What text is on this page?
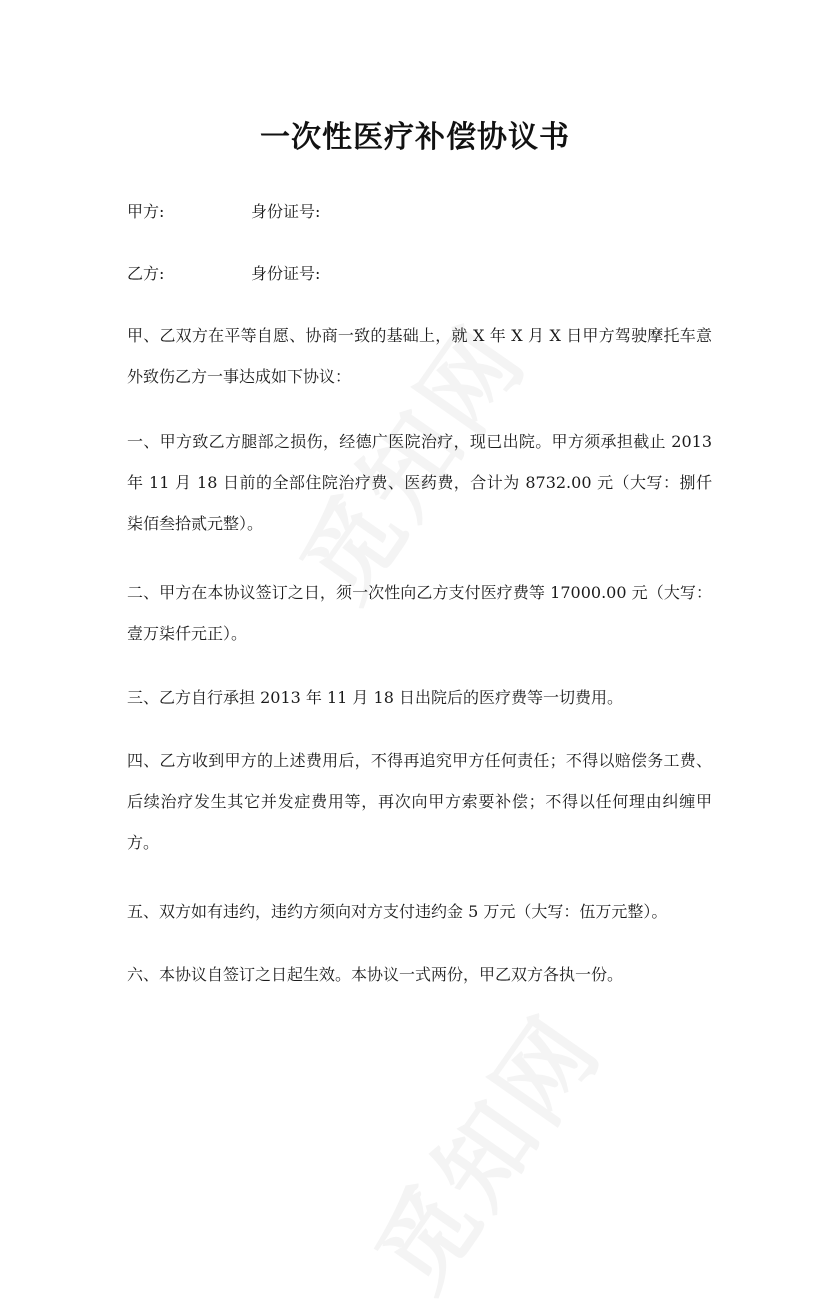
一次性医疗补偿协议书
甲方:	身份证号:
乙方:	身份证号:
甲、乙双方在平等自愿、协商一致的基础上，就 X 年 X 月 X 日甲方驾驶摩托车意外致伤乙方一事达成如下协议：
一、甲方致乙方腿部之损伤，经德广医院治疗，现已出院。甲方须承担截止 2013 年 11 月 18 日前的全部住院治疗费、医药费，合计为 8732.00 元（大写：捌仟柒佰叁拾贰元整）。
二、甲方在本协议签订之日，须一次性向乙方支付医疗费等 17000.00 元（大写：壹万柒仟元正）。
三、乙方自行承担 2013 年 11 月 18 日出院后的医疗费等一切费用。
四、乙方收到甲方的上述费用后，不得再追究甲方任何责任；不得以赔偿务工费、后续治疗发生其它并发症费用等，再次向甲方索要补偿；不得以任何理由纠缠甲方。
五、双方如有违约，违约方须向对方支付违约金 5 万元（大写：伍万元整）。
六、本协议自签订之日起生效。本协议一式两份，甲乙双方各执一份。
